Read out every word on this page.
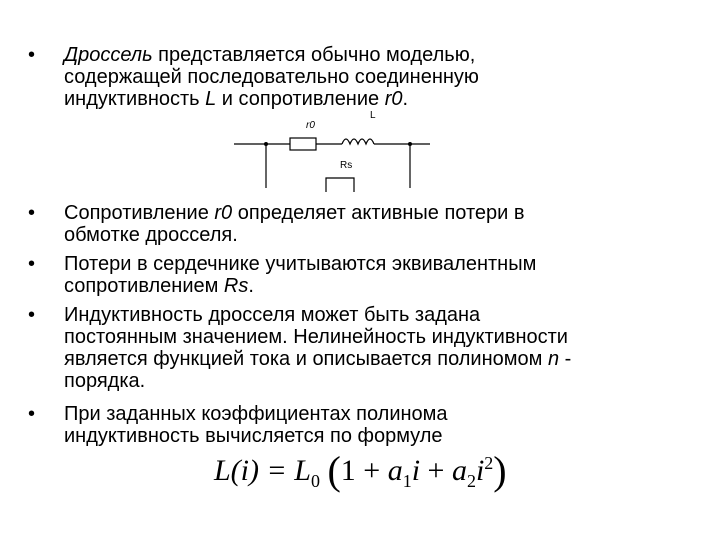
• Дроссель представляется обычно моделью,
содержащей последовательно соединенную
индуктивность L и сопротивление r0.
• Сопротивление r0 определяет активные потери в
обмотке дросселя.
• Потери в сердечнике учитываются эквивалентным
сопротивлением Rs.
• Индуктивность дросселя может быть задана
постоянным значением. Нелинейность индуктивности
является функцией тока и описывается полиномом n -
порядка.
• При заданных коэффициентах полинома
индуктивность вычисляется по формуле
r0
L
Rs
$L(i) = L_0$ $(1 + a_1i + a_2i^2)$
